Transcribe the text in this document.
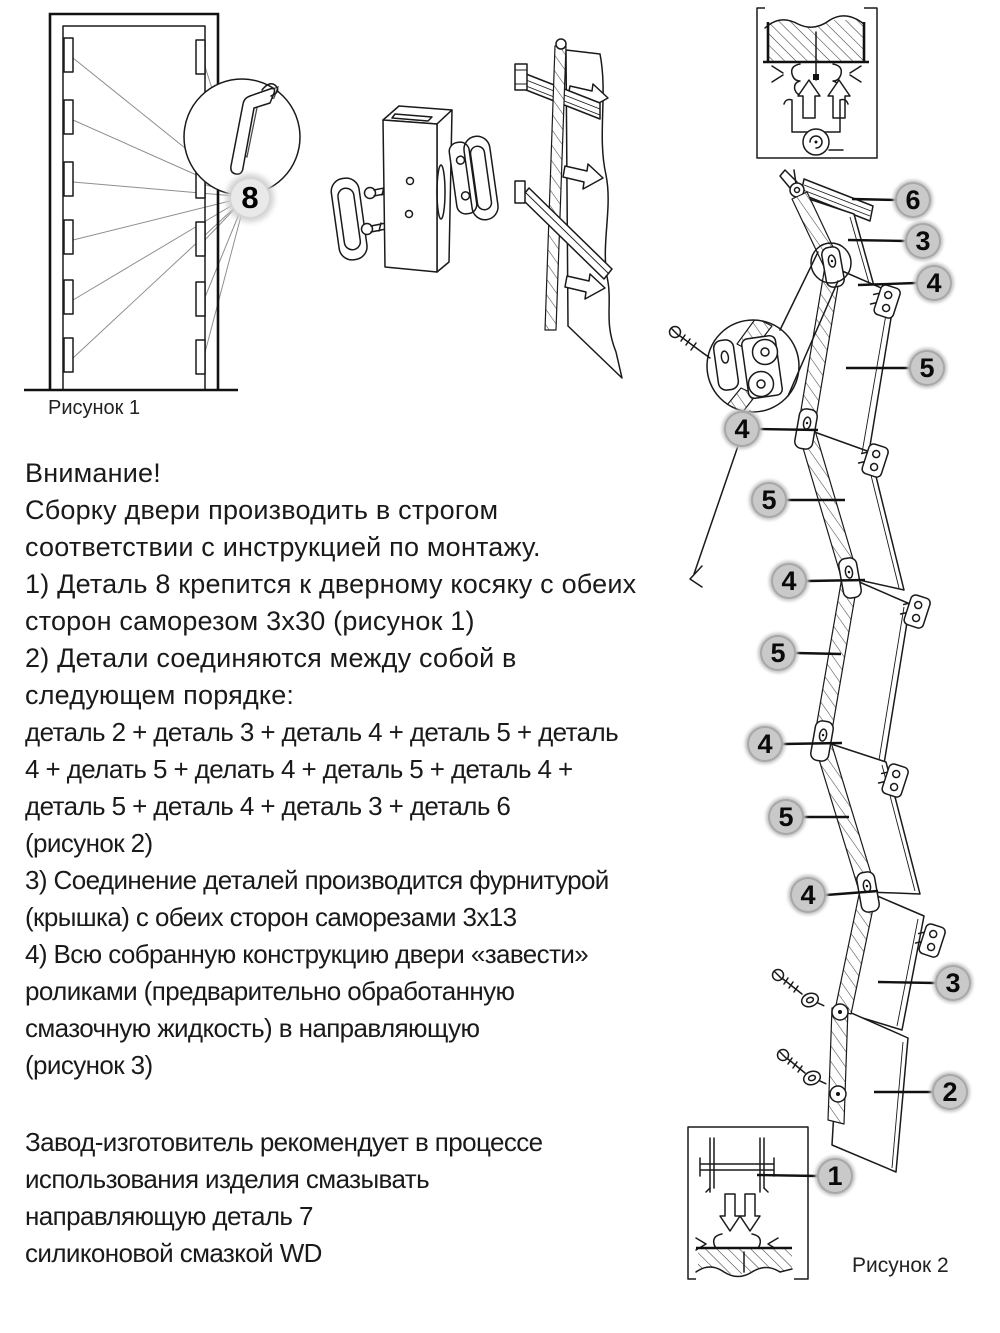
8	6
3
4
5
4
5
4
5
4
5
4
3
2
1
Рисунок 1
Рисунок 2
Внимание!
Сборку двери производить в строгом
соответствии с инструкцией по монтажу.
1) Деталь 8 крепится к дверному косяку с обеих
сторон саморезом 3х30 (рисунок 1)
2) Детали соединяются между собой в
следующем порядке:
деталь 2 + деталь 3 + деталь 4 + деталь 5 + деталь
4 + делать 5 + делать 4 + деталь 5 + деталь 4 +
деталь 5 + деталь 4 + деталь 3 + деталь 6
(рисунок 2)
3) Соединение деталей производится фурнитурой
(крышка) с обеих сторон саморезами 3х13
4) Всю собранную конструкцию двери «завести»
роликами (предварительно обработанную
смазочную жидкость) в направляющую
(рисунок 3)
Завод-изготовитель рекомендует в процессе
использования изделия смазывать
направляющую деталь 7
силиконовой смазкой WD
